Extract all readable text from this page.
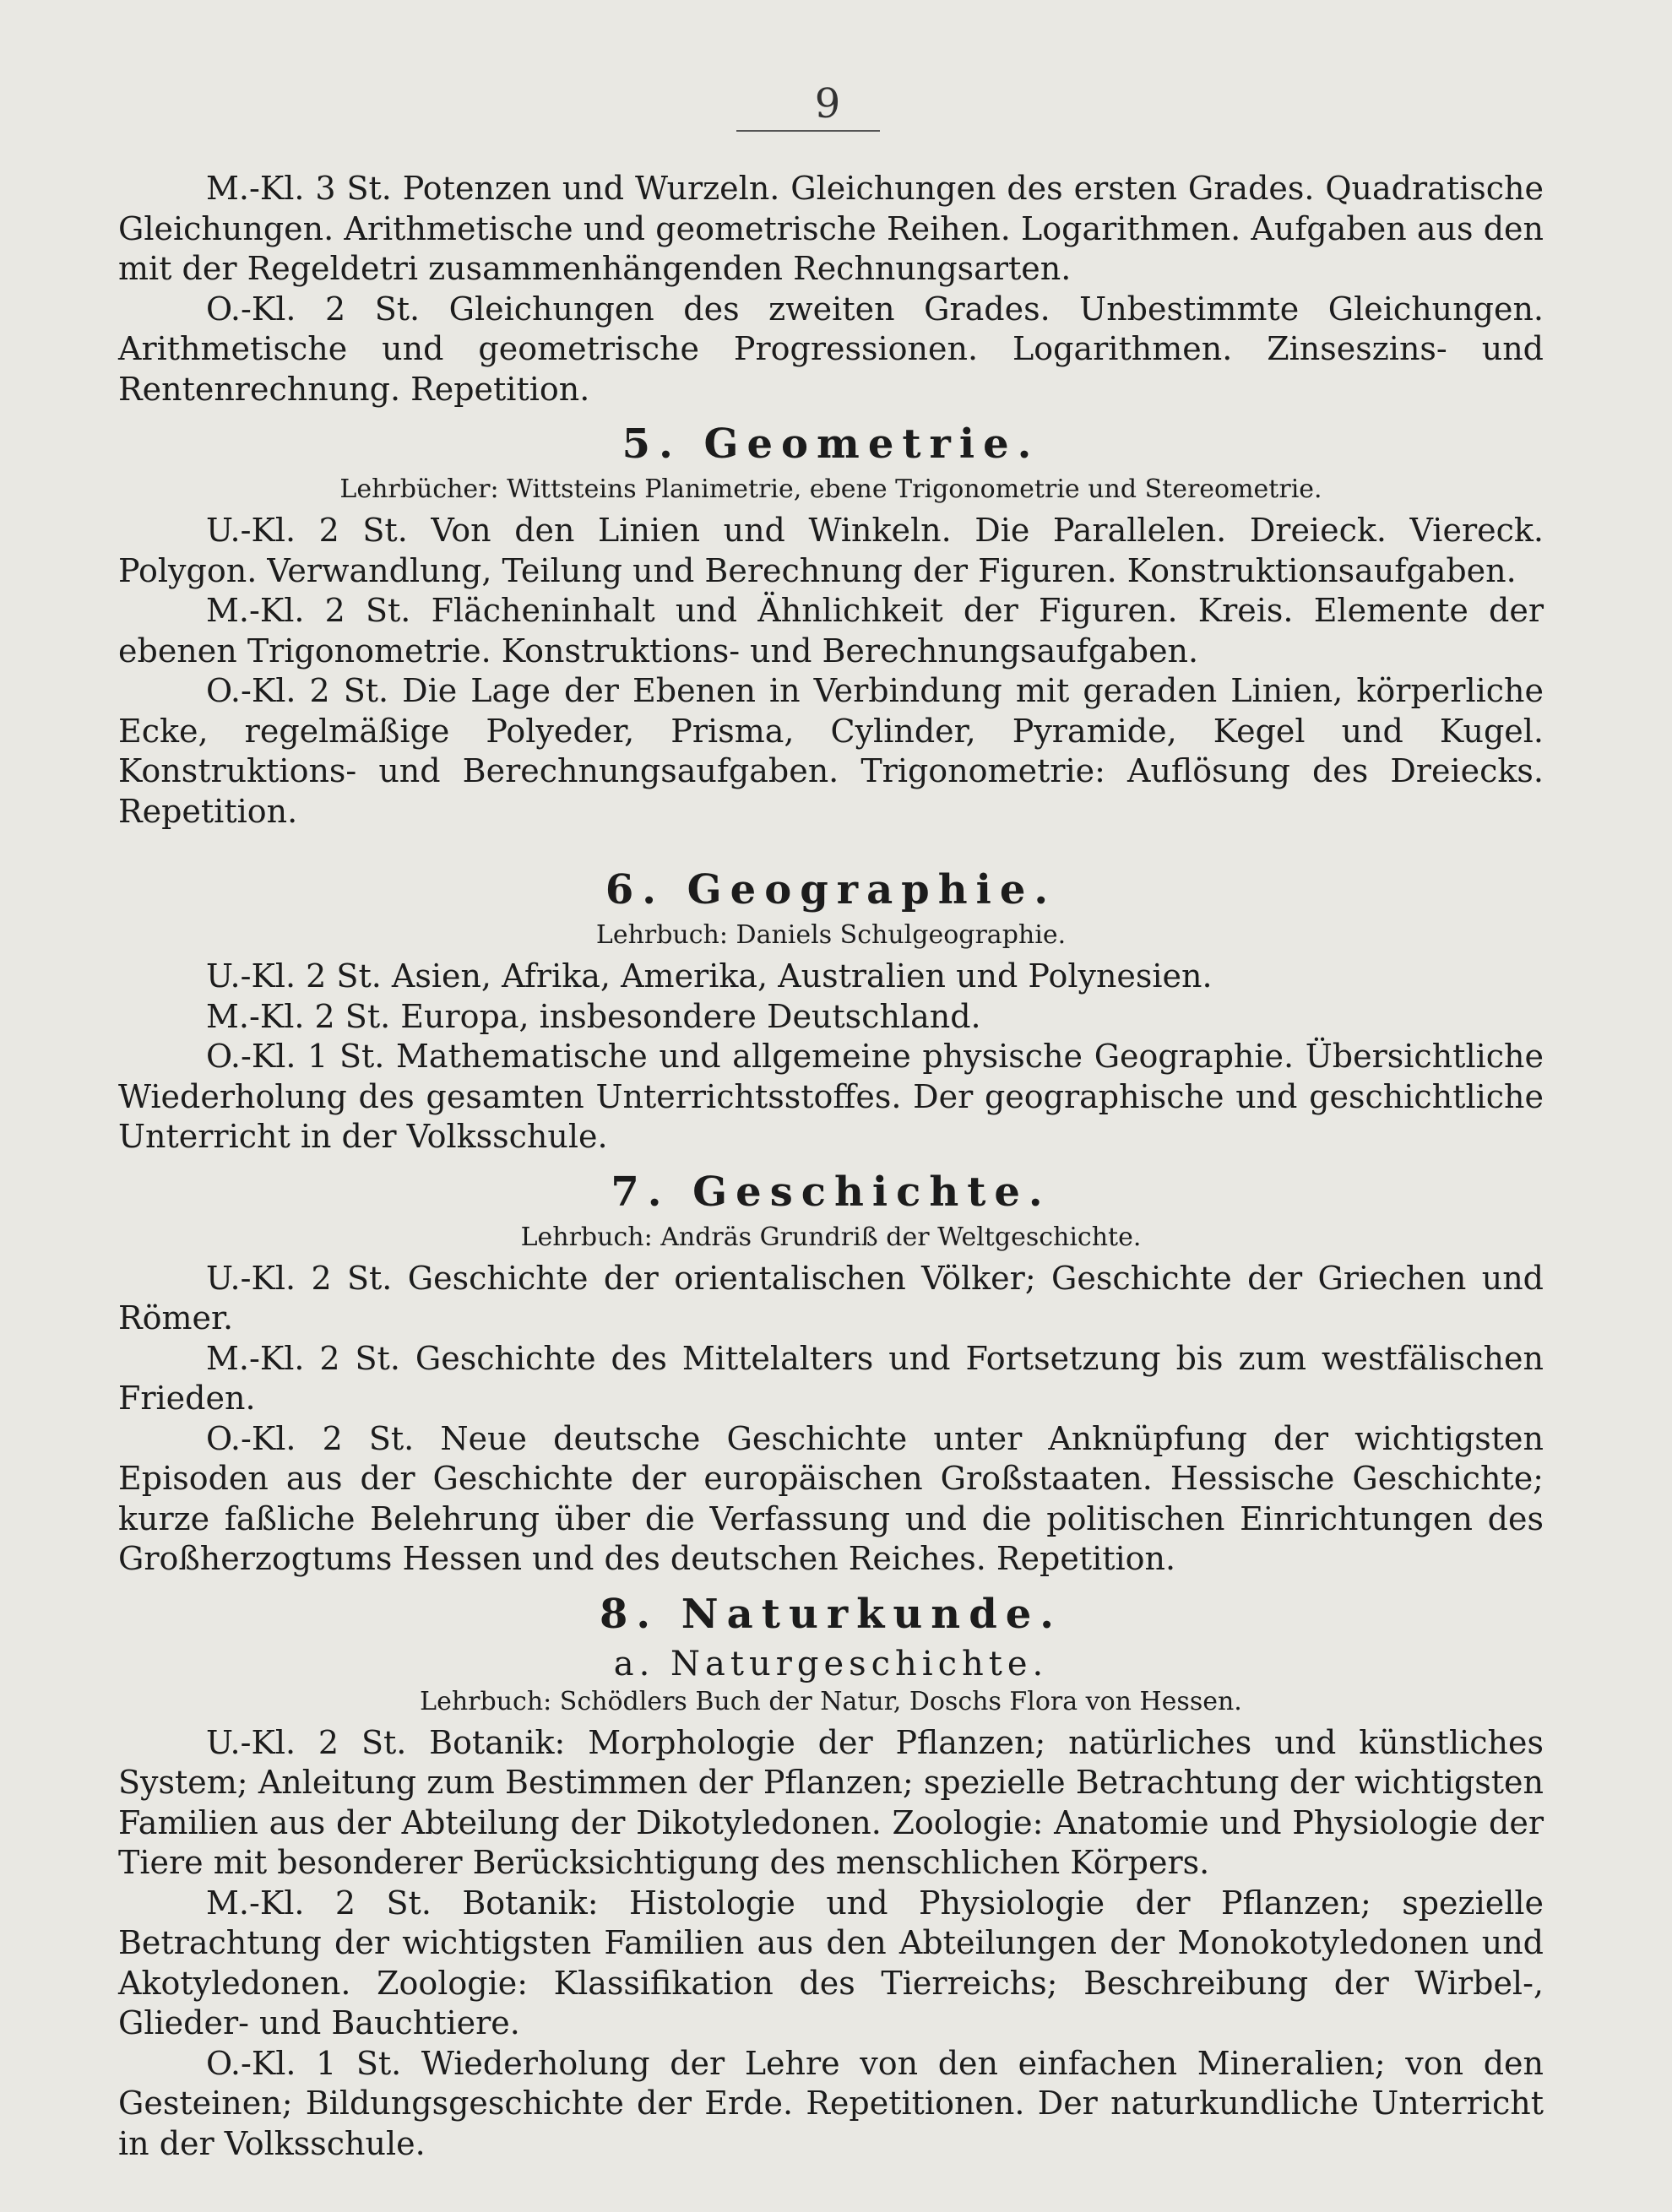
9

M.-Kl. 3 St. Potenzen und Wurzeln. Gleichungen des ersten Grades. Quadratische Gleichungen. Arithmetische und geometrische Reihen. Logarithmen. Aufgaben aus den mit der Regeldetri zusammenhängenden Rechnungsarten.

O.-Kl. 2 St. Gleichungen des zweiten Grades. Unbestimmte Gleichungen. Arithmetische und geometrische Progressionen. Logarithmen. Zinseszins- und Rentenrechnung. Repetition.

5. Geometrie.
Lehrbücher: Wittsteins Planimetrie, ebene Trigonometrie und Stereometrie.

U.-Kl. 2 St. Von den Linien und Winkeln. Die Parallelen. Dreieck. Viereck. Polygon. Verwandlung, Teilung und Berechnung der Figuren. Konstruktionsaufgaben.

M.-Kl. 2 St. Flächeninhalt und Ähnlichkeit der Figuren. Kreis. Elemente der ebenen Trigonometrie. Konstruktions- und Berechnungsaufgaben.

O.-Kl. 2 St. Die Lage der Ebenen in Verbindung mit geraden Linien, körperliche Ecke, regelmäßige Polyeder, Prisma, Cylinder, Pyramide, Kegel und Kugel. Konstruktions- und Berechnungsaufgaben. Trigonometrie: Auflösung des Dreiecks. Repetition.

6. Geographie.
Lehrbuch: Daniels Schulgeographie.

U.-Kl. 2 St. Asien, Afrika, Amerika, Australien und Polynesien.

M.-Kl. 2 St. Europa, insbesondere Deutschland.

O.-Kl. 1 St. Mathematische und allgemeine physische Geographie. Übersichtliche Wiederholung des gesamten Unterrichtsstoffes. Der geographische und geschichtliche Unterricht in der Volksschule.

7. Geschichte.
Lehrbuch: Andräs Grundriß der Weltgeschichte.

U.-Kl. 2 St. Geschichte der orientalischen Völker; Geschichte der Griechen und Römer.

M.-Kl. 2 St. Geschichte des Mittelalters und Fortsetzung bis zum westfälischen Frieden.

O.-Kl. 2 St. Neue deutsche Geschichte unter Anknüpfung der wichtigsten Episoden aus der Geschichte der europäischen Großstaaten. Hessische Geschichte; kurze faßliche Belehrung über die Verfassung und die politischen Einrichtungen des Großherzogtums Hessen und des deutschen Reiches. Repetition.

8. Naturkunde.
a. Naturgeschichte.
Lehrbuch: Schödlers Buch der Natur, Doschs Flora von Hessen.

U.-Kl. 2 St. Botanik: Morphologie der Pflanzen; natürliches und künstliches System; Anleitung zum Bestimmen der Pflanzen; spezielle Betrachtung der wichtigsten Familien aus der Abteilung der Dikotyledonen. Zoologie: Anatomie und Physiologie der Tiere mit besonderer Berücksichtigung des menschlichen Körpers.

M.-Kl. 2 St. Botanik: Histologie und Physiologie der Pflanzen; spezielle Betrachtung der wichtigsten Familien aus den Abteilungen der Monokotyledonen und Akotyledonen. Zoologie: Klassifikation des Tierreichs; Beschreibung der Wirbel-, Glieder- und Bauchtiere.

O.-Kl. 1 St. Wiederholung der Lehre von den einfachen Mineralien; von den Gesteinen; Bildungsgeschichte der Erde. Repetitionen. Der naturkundliche Unterricht in der Volksschule.
